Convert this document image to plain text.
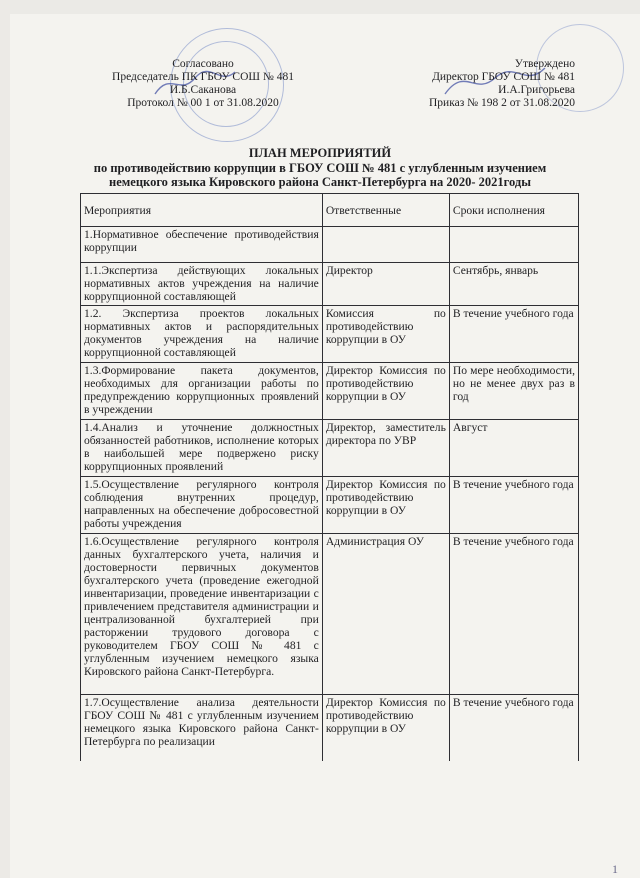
Согласовано
Председатель ПК ГБОУ СОШ № 481
И.Б.Саканова
Протокол № 00 1 от 31.08.2020
Утверждено
Директор ГБОУ СОШ № 481
И.А.Григорьева
Приказ № 198 2 от 31.08.2020
ПЛАН МЕРОПРИЯТИЙ
по противодействию коррупции в ГБОУ СОШ № 481 с углубленным изучением
немецкого языка Кировского района Санкт-Петербурга на 2020- 2021годы
Мероприятия	Ответственные	Сроки исполнения
1.Нормативное обеспечение противодействия коррупции		
1.1.Экспертиза действующих локальных нормативных актов учреждения на наличие коррупционной составляющей	Директор	Сентябрь, январь
1.2. Экспертиза проектов локальных нормативных актов и распорядительных документов учреждения на наличие коррупционной составляющей	Комиссия по противодействию коррупции в ОУ	В течение учебного года
1.3.Формирование пакета документов, необходимых для организации работы по предупреждению коррупционных проявлений в учреждении	Директор Комиссия по противодействию коррупции в ОУ	По мере необходимости, но не менее двух раз в год
1.4.Анализ и уточнение должностных обязанностей работников, исполнение которых в наибольшей мере подвержено риску коррупционных проявлений	Директор, заместитель директора по УВР	Август
1.5.Осуществление регулярного контроля соблюдения внутренних процедур, направленных на обеспечение добросовестной работы учреждения	Директор Комиссия по противодействию коррупции в ОУ	В течение учебного года
1.6.Осуществление регулярного контроля данных бухгалтерского учета, наличия и достоверности первичных документов бухгалтерского учета (проведение ежегодной инвентаризации, проведение инвентаризации с привлечением представителя администрации и централизованной бухгалтерией при расторжении трудового договора с руководителем ГБОУ СОШ № 481 с углубленным изучением немецкого языка Кировского района Санкт-Петербурга.	Администрация ОУ	В течение учебного года
1.7.Осуществление анализа деятельности ГБОУ СОШ № 481 с углубленным изучением немецкого языка Кировского района Санкт-Петербурга по реализации	Директор Комиссия по противодействию коррупции в ОУ	В течение учебного года
1
